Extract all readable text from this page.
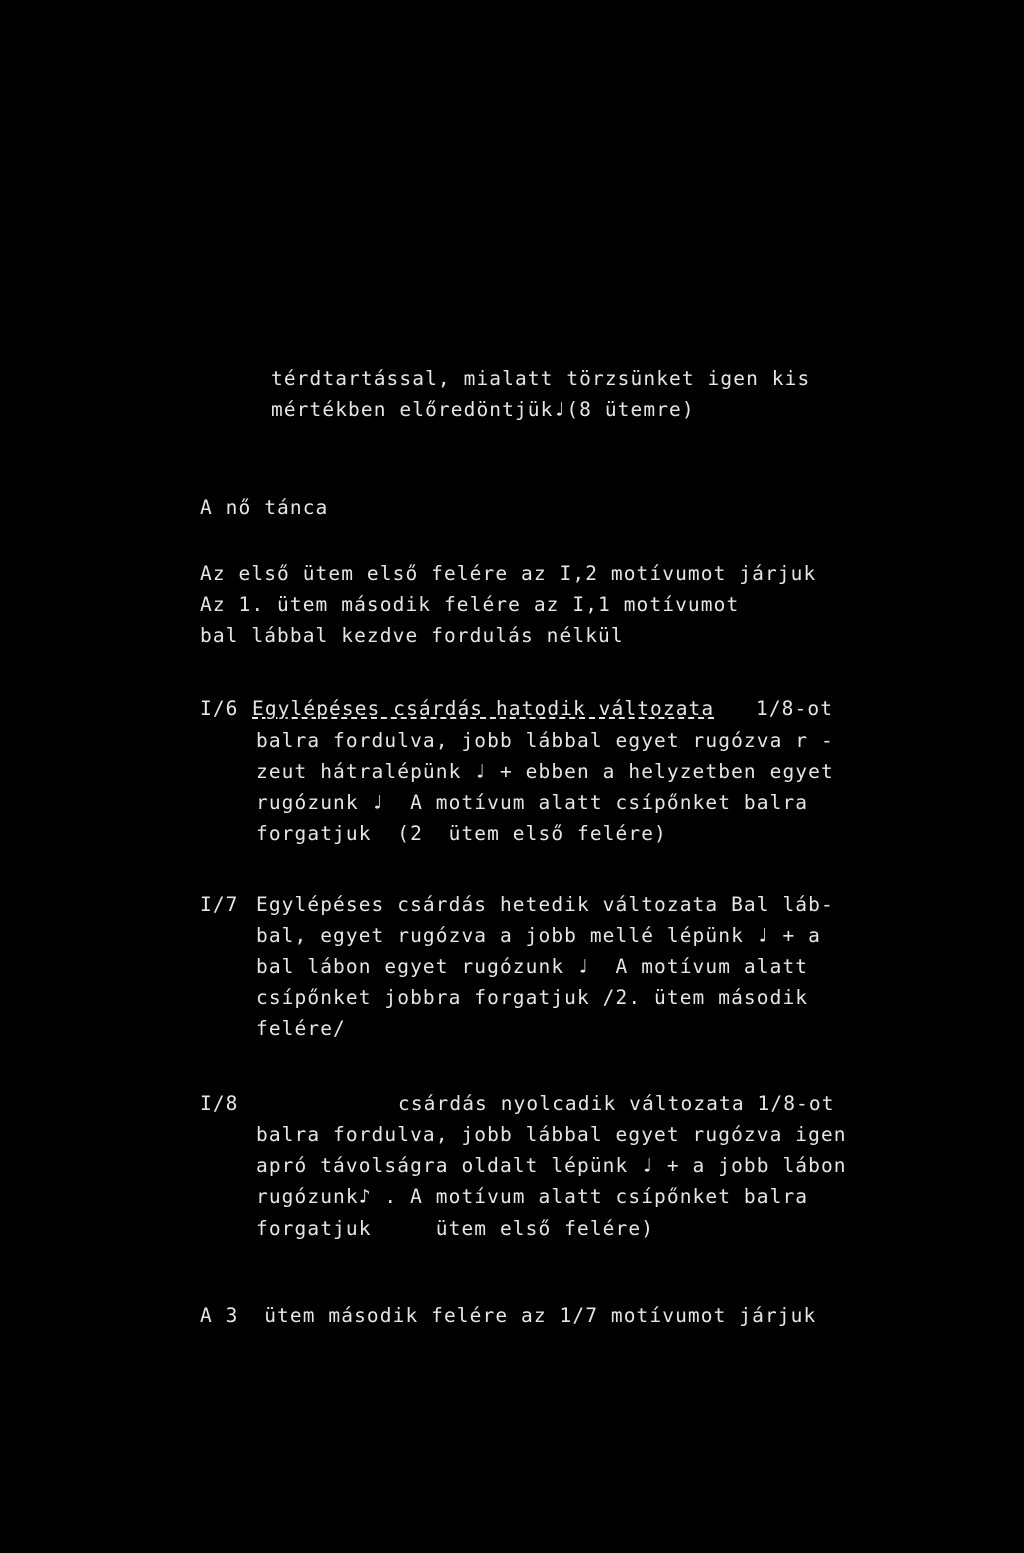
térdtartással, mialatt törzsünket igen kis
mértékben előredöntjük♩(8 ütemre)
A nő tánca
Az első ütem első felére az I,2 motívumot járjuk
Az 1. ütem második felére az I,1 motívumot
bal lábbal kezdve fordulás nélkül
I/6 Egylépéses csárdás hatodik változata 1/8-ot
balra fordulva, jobb lábbal egyet rugózva r -
zeut hátralépünk ♩ + ebben a helyzetben egyet
rugózunk ♩  A motívum alatt csípőnket balra
forgatjuk  (2  ütem első felére)
I/7 Egylépéses csárdás hetedik változata Bal láb-
bal, egyet rugózva a jobb mellé lépünk ♩ + a
bal lábon egyet rugózunk ♩  A motívum alatt
csípőnket jobbra forgatjuk /2. ütem második
felére/
I/8	csárdás nyolcadik változata 1/8-ot
balra fordulva, jobb lábbal egyet rugózva igen
apró távolságra oldalt lépünk ♩ + a jobb lábon
rugózunk♪ . A motívum alatt csípőnket balra
forgatjuk     ütem első felére)
A 3  ütem második felére az 1/7 motívumot járjuk
